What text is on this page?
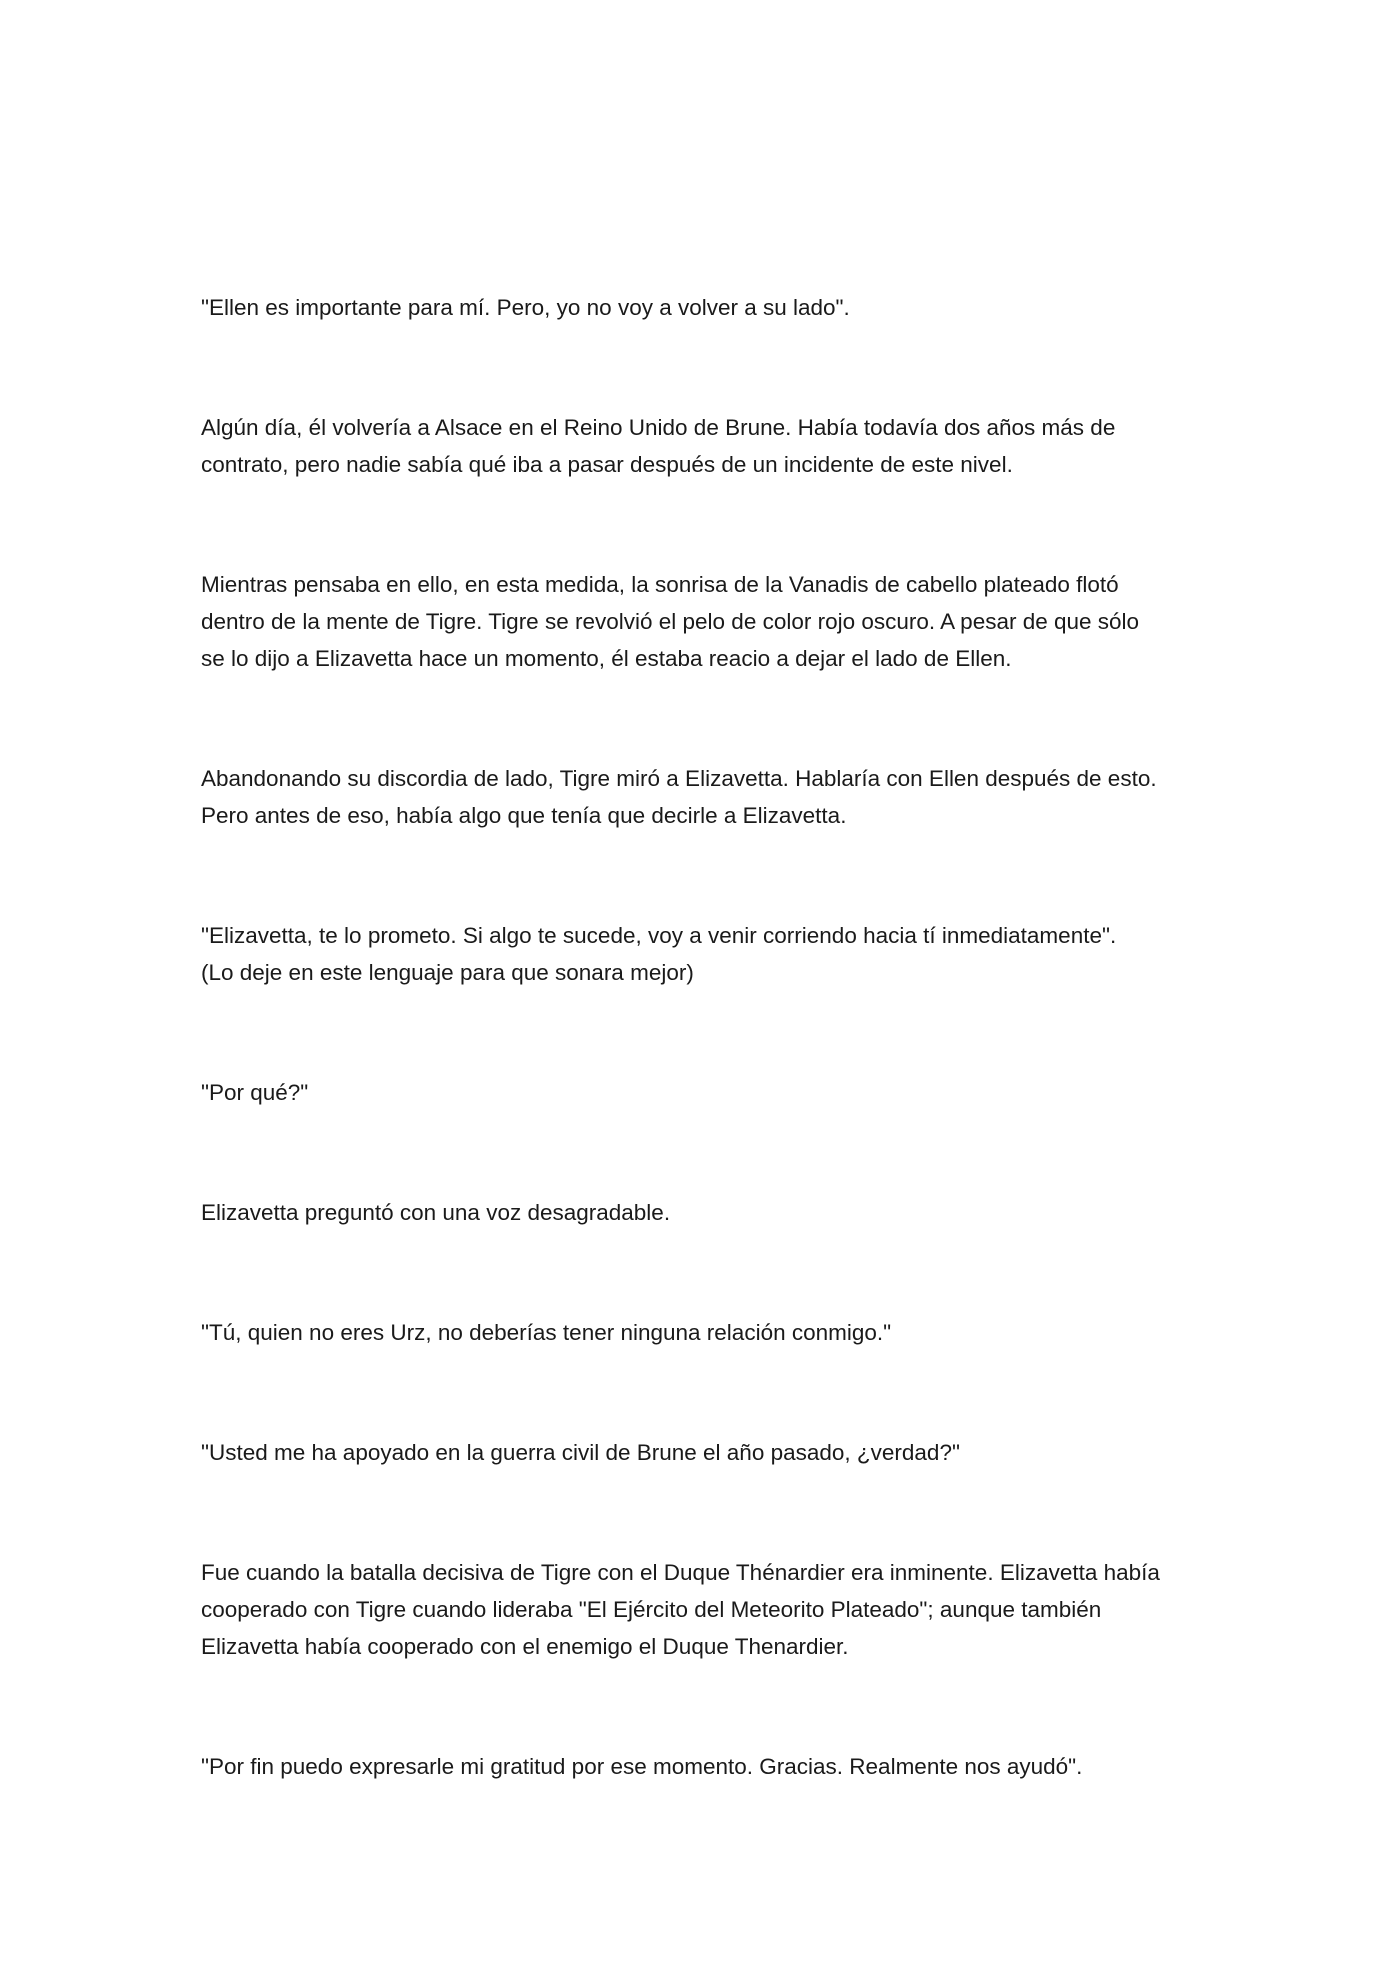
"Ellen es importante para mí. Pero, yo no voy a volver a su lado".

Algún día, él volvería a Alsace en el Reino Unido de Brune. Había todavía dos años más de
contrato, pero nadie sabía qué iba a pasar después de un incidente de este nivel.

Mientras pensaba en ello, en esta medida, la sonrisa de la Vanadis de cabello plateado flotó
dentro de la mente de Tigre. Tigre se revolvió el pelo de color rojo oscuro. A pesar de que sólo
se lo dijo a Elizavetta hace un momento, él estaba reacio a dejar el lado de Ellen.

Abandonando su discordia de lado, Tigre miró a Elizavetta. Hablaría con Ellen después de esto.
Pero antes de eso, había algo que tenía que decirle a Elizavetta.

"Elizavetta, te lo prometo. Si algo te sucede, voy a venir corriendo hacia tí inmediatamente".
(Lo deje en este lenguaje para que sonara mejor)

"Por qué?"

Elizavetta preguntó con una voz desagradable.

"Tú, quien no eres Urz, no deberías tener ninguna relación conmigo."

"Usted me ha apoyado en la guerra civil de Brune el año pasado, ¿verdad?"

Fue cuando la batalla decisiva de Tigre con el Duque Thénardier era inminente. Elizavetta había
cooperado con Tigre cuando lideraba "El Ejército del Meteorito Plateado"; aunque también
Elizavetta había cooperado con el enemigo el Duque Thenardier.

"Por fin puedo expresarle mi gratitud por ese momento. Gracias. Realmente nos ayudó".
